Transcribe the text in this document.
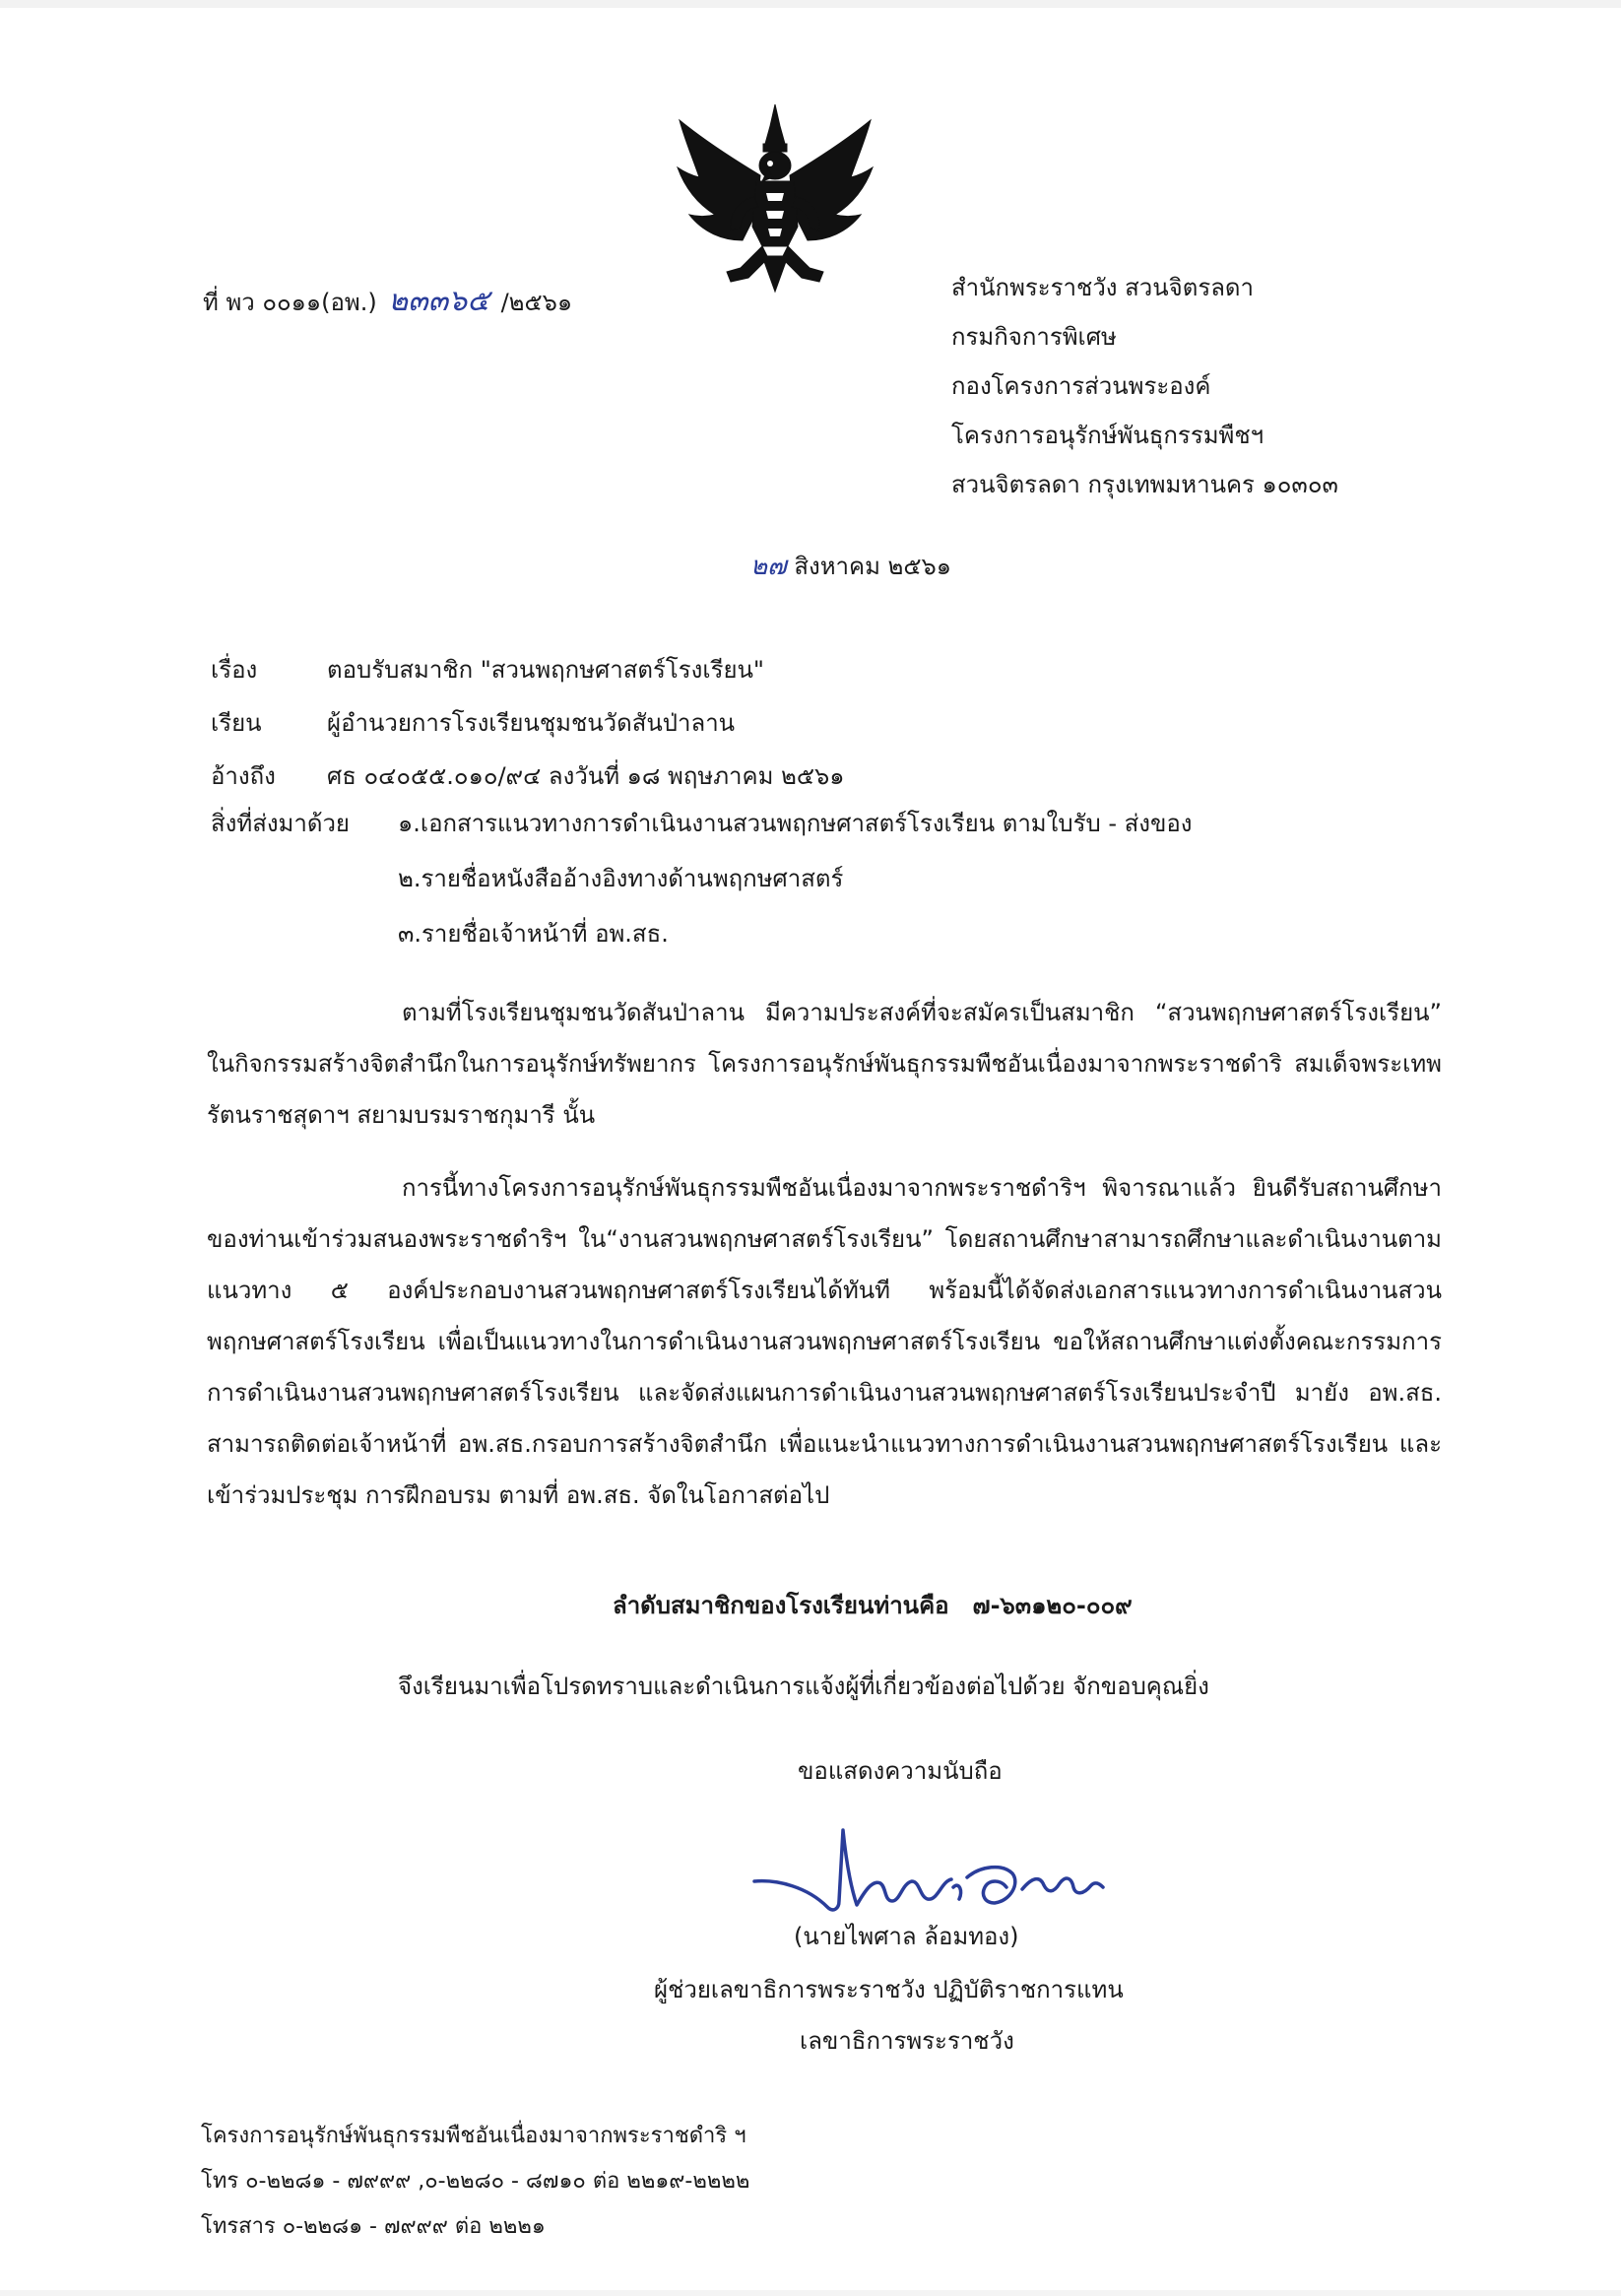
ที่ พว ๐๐๑๑(อพ.) ๒๓๓๖๕ /๒๕๖๑
สำนักพระราชวัง สวนจิตรลดา
กรมกิจการพิเศษ
กองโครงการส่วนพระองค์
โครงการอนุรักษ์พันธุกรรมพืชฯ
สวนจิตรลดา กรุงเทพมหานคร ๑๐๓๐๓
๒๗ สิงหาคม ๒๕๖๑
เรื่อง	ตอบรับสมาชิก "สวนพฤกษศาสตร์โรงเรียน"
เรียน	ผู้อำนวยการโรงเรียนชุมชนวัดสันป่าลาน
อ้างถึง ศธ ๐๔๐๕๕.๐๑๐/๙๔ ลงวันที่ ๑๘ พฤษภาคม ๒๕๖๑
สิ่งที่ส่งมาด้วย ๑.เอกสารแนวทางการดำเนินงานสวนพฤกษศาสตร์โรงเรียน ตามใบรับ - ส่งของ
๒.รายชื่อหนังสืออ้างอิงทางด้านพฤกษศาสตร์
๓.รายชื่อเจ้าหน้าที่ อพ.สธ.
ตามที่โรงเรียนชุมชนวัดสันป่าลาน มีความประสงค์ที่จะสมัครเป็นสมาชิก “สวนพฤกษศาสตร์โรงเรียน” ในกิจกรรมสร้างจิตสำนึกในการอนุรักษ์ทรัพยากร โครงการอนุรักษ์พันธุกรรมพืชอันเนื่องมาจากพระราชดำริ สมเด็จพระเทพรัตนราชสุดาฯ สยามบรมราชกุมารี นั้น
การนี้ทางโครงการอนุรักษ์พันธุกรรมพืชอันเนื่องมาจากพระราชดำริฯ พิจารณาแล้ว ยินดีรับสถานศึกษาของท่านเข้าร่วมสนองพระราชดำริฯ ใน“งานสวนพฤกษศาสตร์โรงเรียน” โดยสถานศึกษาสามารถศึกษาและดำเนินงานตามแนวทาง ๕ องค์ประกอบงานสวนพฤกษศาสตร์โรงเรียนได้ทันที พร้อมนี้ได้จัดส่งเอกสารแนวทางการดำเนินงานสวนพฤกษศาสตร์โรงเรียน เพื่อเป็นแนวทางในการดำเนินงานสวนพฤกษศาสตร์โรงเรียน ขอให้สถานศึกษาแต่งตั้งคณะกรรมการการดำเนินงานสวนพฤกษศาสตร์โรงเรียน และจัดส่งแผนการดำเนินงานสวนพฤกษศาสตร์โรงเรียนประจำปี มายัง อพ.สธ. สามารถติดต่อเจ้าหน้าที่ อพ.สธ.กรอบการสร้างจิตสำนึก เพื่อแนะนำแนวทางการดำเนินงานสวนพฤกษศาสตร์โรงเรียน และเข้าร่วมประชุม การฝึกอบรม ตามที่ อพ.สธ. จัดในโอกาสต่อไป
ลำดับสมาชิกของโรงเรียนท่านคือ ๗-๖๓๑๒๐-๐๐๙
จึงเรียนมาเพื่อโปรดทราบและดำเนินการแจ้งผู้ที่เกี่ยวข้องต่อไปด้วย จักขอบคุณยิ่ง
ขอแสดงความนับถือ
(นายไพศาล ล้อมทอง)
ผู้ช่วยเลขาธิการพระราชวัง ปฏิบัติราชการแทน
เลขาธิการพระราชวัง
โครงการอนุรักษ์พันธุกรรมพืชอันเนื่องมาจากพระราชดำริ ฯ
โทร ๐-๒๒๘๑ - ๗๙๙๙ ,๐-๒๒๘๐ - ๘๗๑๐ ต่อ ๒๒๑๙-๒๒๒๒
โทรสาร ๐-๒๒๘๑ - ๗๙๙๙ ต่อ ๒๒๒๑
